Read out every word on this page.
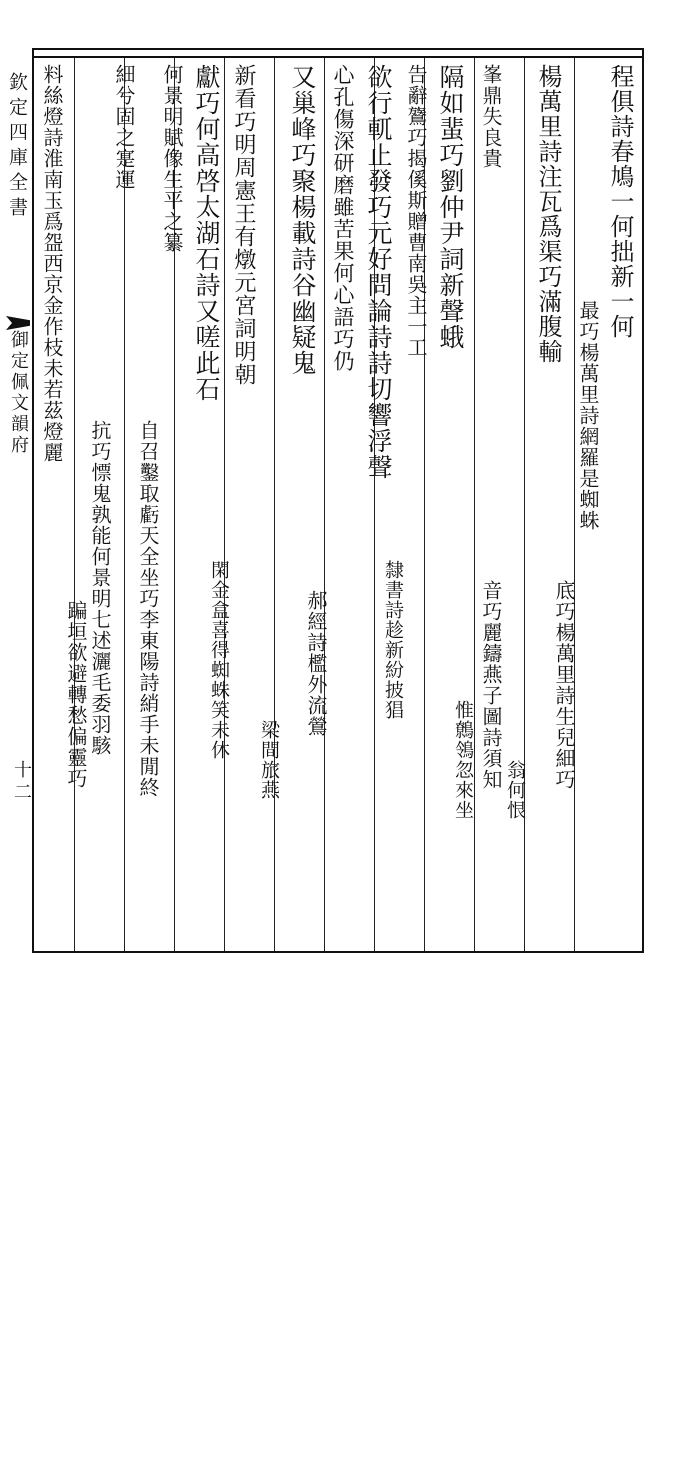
欽定四庫全書
御定佩文韻府
十二
程俱詩春鳩一何拙新一何
最巧楊萬里詩網羅是蜘蛛
底巧楊萬里詩生兒細巧
楊萬里詩注瓦爲渠巧滿腹輸
翁何恨
音巧麗鑄燕子圖詩須知
峯鼎失良貴
隔如蜚巧劉仲尹詞新聲蛾
惟鷯鴒忽來坐
告辭鷟巧揭傒斯贈曹南吳主一工
欲行軏止發巧元好問論詩詩切響浮聲
隸書詩趁新紛披猖
心孔傷深研磨雖苦果何心語巧仍
郝經詩檻外流鶯
又巢峰巧聚楊載詩谷幽疑鬼
梁間旅燕
新看巧明周憲王有燉元宮詞明朝
獻巧何高啓太湖石詩又嗟此石
閑金盒喜得蜘蛛笑未休
何景明賦像生平之纂
自召鑿取虧天全坐巧李東陽詩綃手未閒終
細兮固之寔運
抗巧慓鬼孰能何景明七述灑毛委羽駭
蹁垣欲避轉愁偏靈巧
料絲燈詩淮南玉爲盌西京金作枝未若茲燈麗
